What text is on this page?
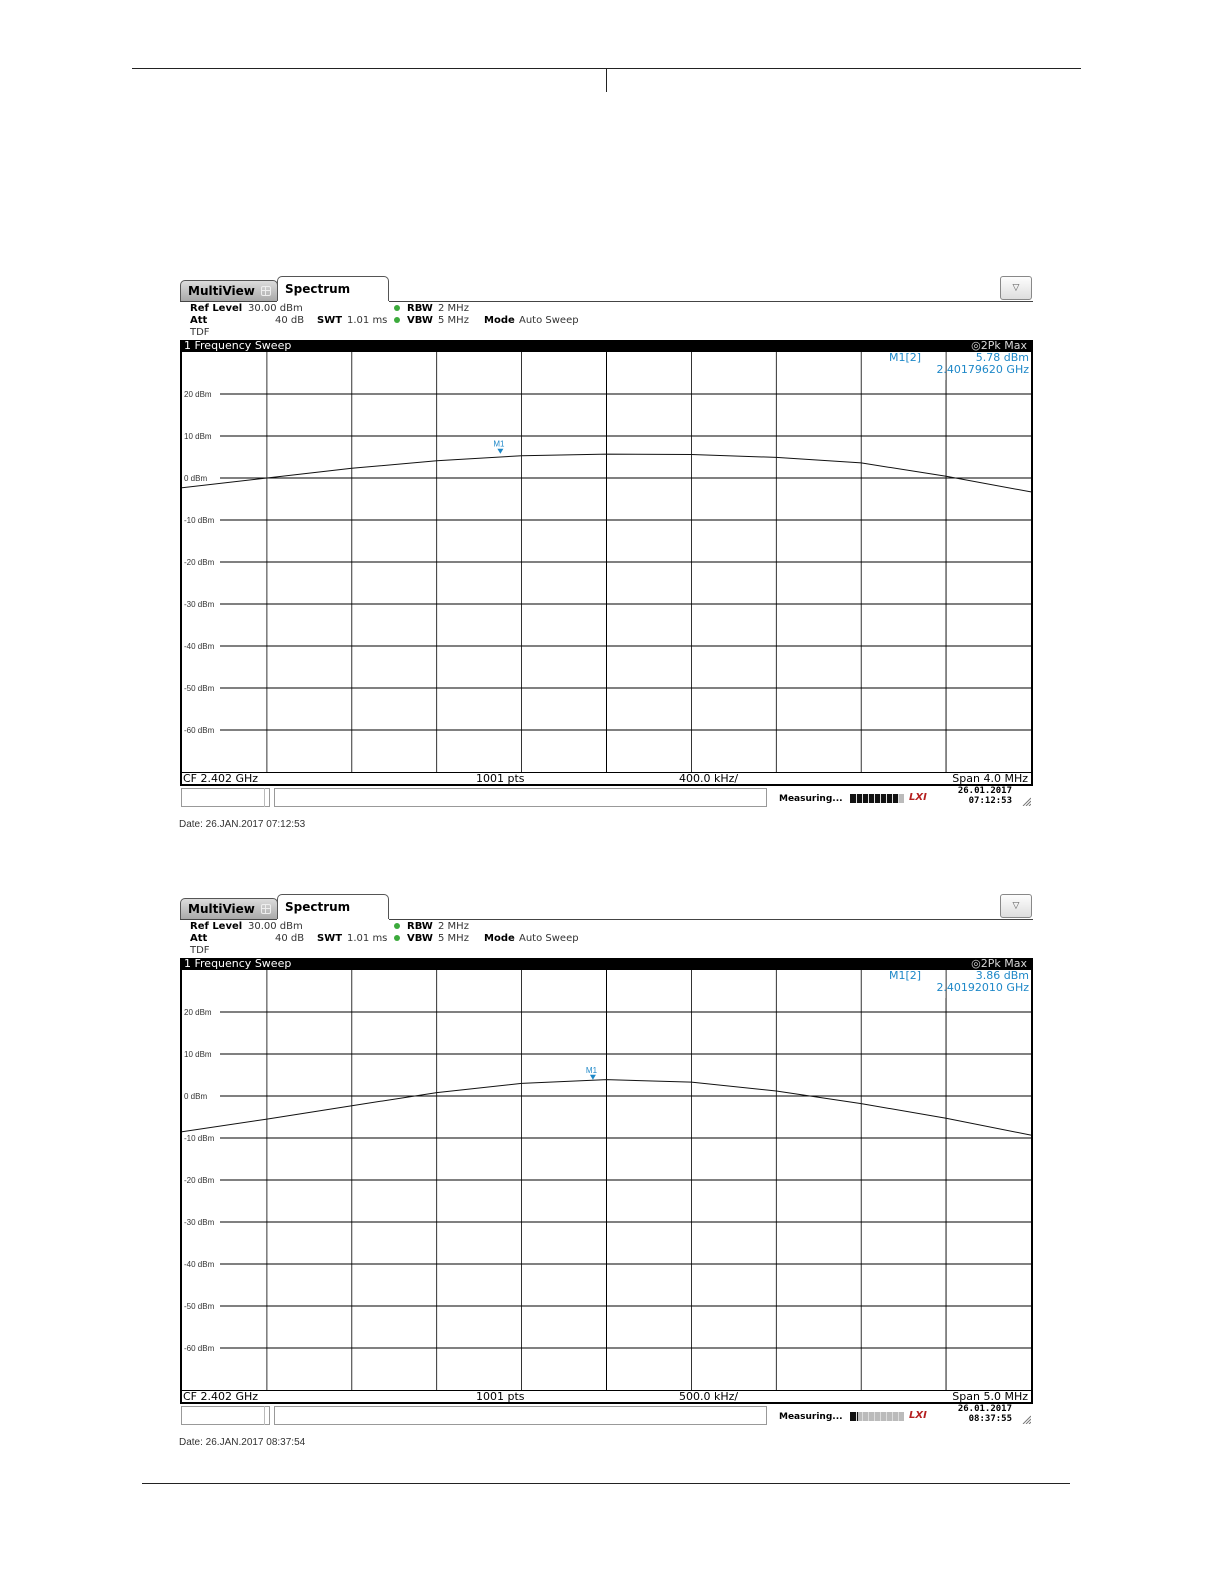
MultiView	Spectrum	▽
Ref Level 30.00 dBm
Att	40 dB SWT 1.01 ms
RBW 2 MHz
VBW 5 MHz Mode Auto Sweep
TDF
1 Frequency Sweep	◎2Pk Max
20 dBm
10 dBm
0 dBm
-10 dBm
-20 dBm
-30 dBm
-40 dBm
-50 dBm
-60 dBm
M1
M1[2]	5.78 dBm
2.40179620 GHz
CF 2.402 GHz	1001 pts	400.0 kHz/	Span 4.0 MHz
Measuring...	LXI
26.01.2017
07:12:53
Date: 26.JAN.2017 07:12:53
MultiView	Spectrum	▽
Ref Level 30.00 dBm
Att	40 dB SWT 1.01 ms
RBW 2 MHz
VBW 5 MHz Mode Auto Sweep
TDF
1 Frequency Sweep	◎2Pk Max
20 dBm
10 dBm
0 dBm
-10 dBm
-20 dBm
-30 dBm
-40 dBm
-50 dBm
-60 dBm
M1
M1[2]	3.86 dBm
2.40192010 GHz
CF 2.402 GHz	1001 pts	500.0 kHz/	Span 5.0 MHz
Measuring...	LXI
26.01.2017
08:37:55
Date: 26.JAN.2017 08:37:54
